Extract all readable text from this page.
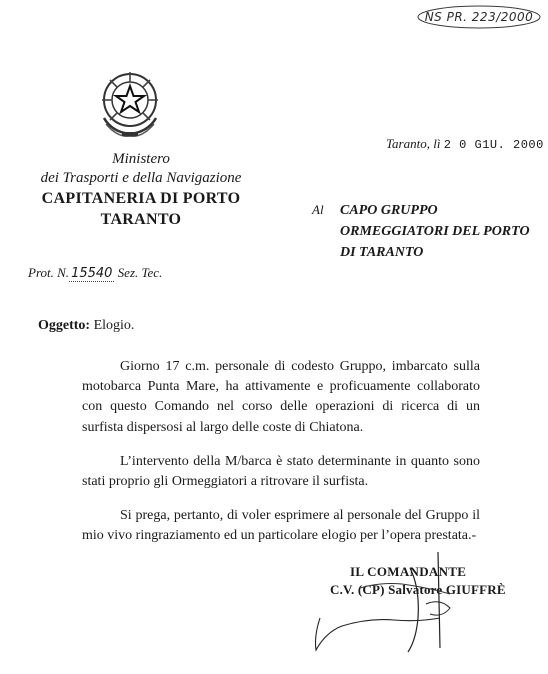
NS PR. 223/2000
Ministero
dei Trasporti e della Navigazione
CAPITANERIA DI PORTO
TARANTO
Taranto, lì 2 0 G1U. 2000
Al CAPO GRUPPO
ORMEGGIATORI DEL PORTO
DI TARANTO
Prot. N. 15540 Sez. Tec.
Oggetto: Elogio.

Giorno 17 c.m. personale di codesto Gruppo, imbarcato sulla motobarca Punta Mare, ha attivamente e proficuamente collaborato con questo Comando nel corso delle operazioni di ricerca di un surfista dispersosi al largo delle coste di Chiatona.

L’intervento della M/barca è stato determinante in quanto sono stati proprio gli Ormeggiatori a ritrovare il surfista.

Si prega, pertanto, di voler esprimere al personale del Gruppo il mio vivo ringraziamento ed un particolare elogio per l’opera prestata.-

IL COMANDANTE
C.V. (CP) Salvatore GIUFFRÈ
